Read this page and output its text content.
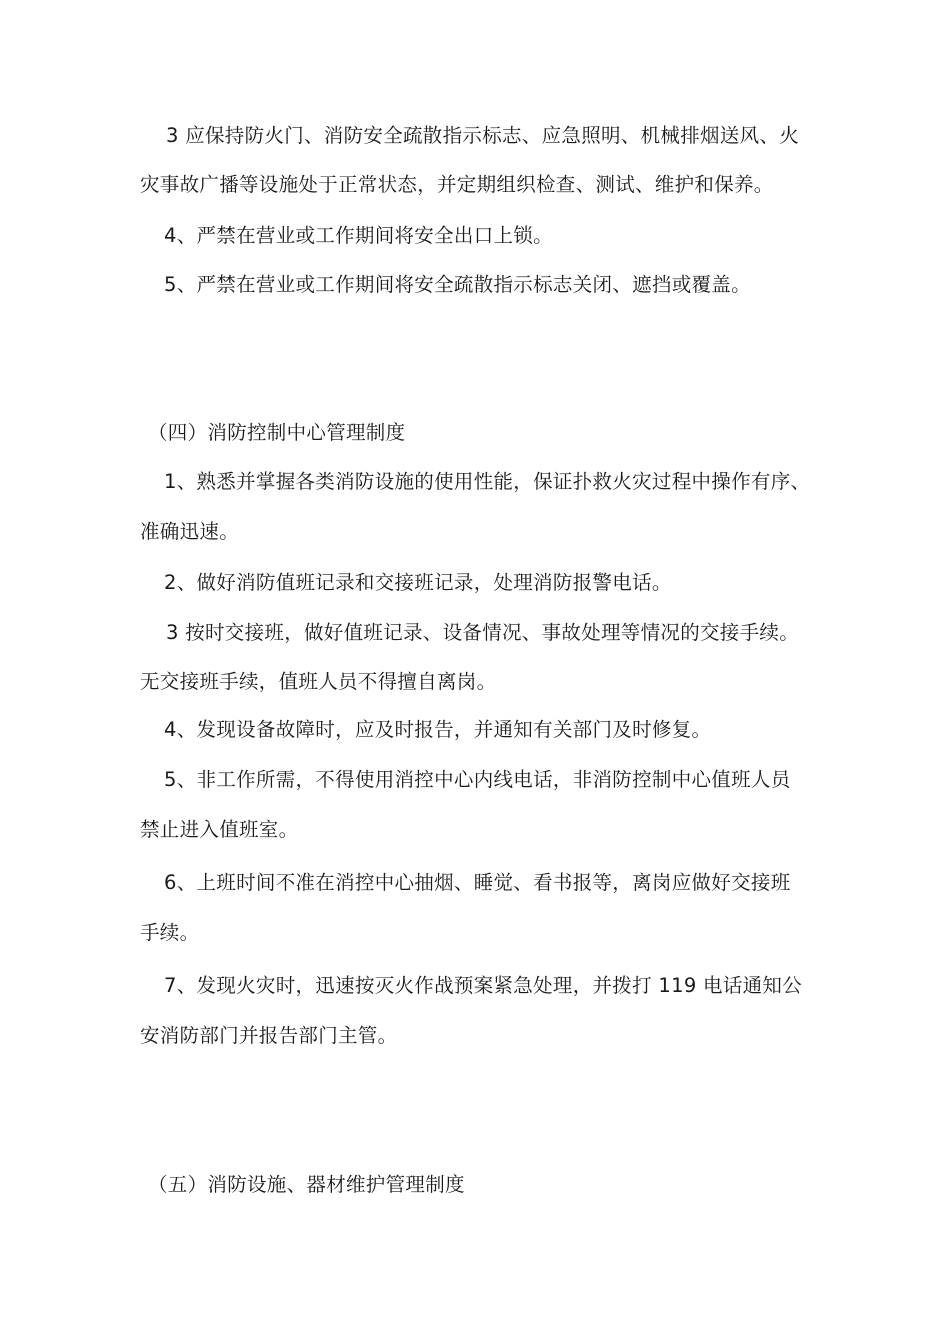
3 应保持防火门、消防安全疏散指示标志、应急照明、机械排烟送风、火
灾事故广播等设施处于正常状态，并定期组织检查、测试、维护和保养。
4、严禁在营业或工作期间将安全出口上锁。
5、严禁在营业或工作期间将安全疏散指示标志关闭、遮挡或覆盖。
（四）消防控制中心管理制度
1、熟悉并掌握各类消防设施的使用性能，保证扑救火灾过程中操作有序、
准确迅速。
2、做好消防值班记录和交接班记录，处理消防报警电话。
3 按时交接班，做好值班记录、设备情况、事故处理等情况的交接手续。
无交接班手续，值班人员不得擅自离岗。
4、发现设备故障时，应及时报告，并通知有关部门及时修复。
5、非工作所需，不得使用消控中心内线电话，非消防控制中心值班人员
禁止进入值班室。
6、上班时间不准在消控中心抽烟、睡觉、看书报等，离岗应做好交接班
手续。
7、发现火灾时，迅速按灭火作战预案紧急处理，并拨打 119 电话通知公
安消防部门并报告部门主管。
（五）消防设施、器材维护管理制度
